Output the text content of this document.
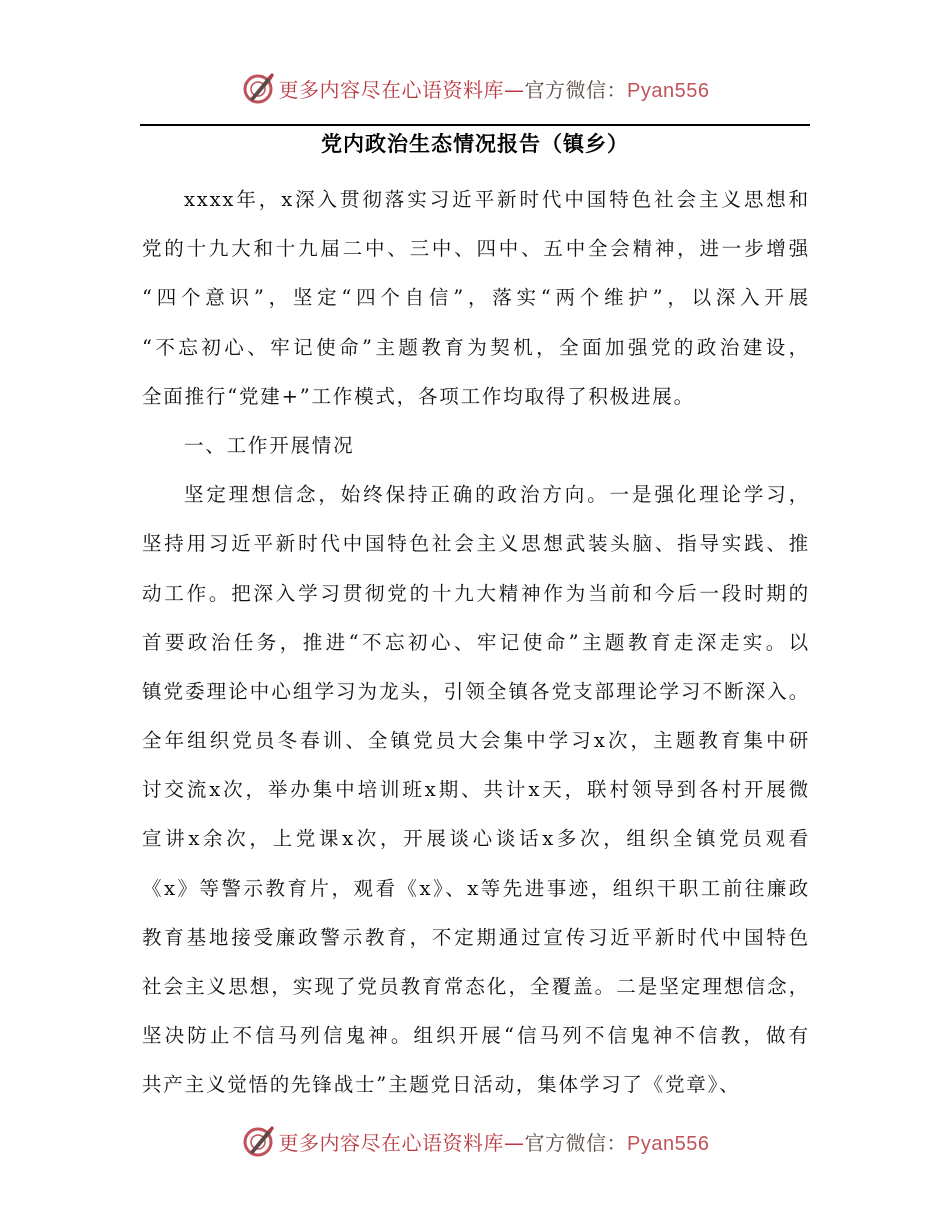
更多内容尽在心语资料库—官方微信：Pyan556
党内政治生态情况报告（镇乡）
xxxx年，x深入贯彻落实习近平新时代中国特色社会主义思想和
党的十九大和十九届二中、三中、四中、五中全会精神，进一步增强
“四个意识”，坚定“四个自信”，落实“两个维护”，以深入开展
“不忘初心、牢记使命”主题教育为契机，全面加强党的政治建设，
全面推行“党建+”工作模式，各项工作均取得了积极进展。
一、工作开展情况
坚定理想信念，始终保持正确的政治方向。一是强化理论学习，
坚持用习近平新时代中国特色社会主义思想武装头脑、指导实践、推
动工作。把深入学习贯彻党的十九大精神作为当前和今后一段时期的
首要政治任务，推进“不忘初心、牢记使命”主题教育走深走实。以
镇党委理论中心组学习为龙头，引领全镇各党支部理论学习不断深入。
全年组织党员冬春训、全镇党员大会集中学习x次，主题教育集中研
讨交流x次，举办集中培训班x期、共计x天，联村领导到各村开展微
宣讲x余次，上党课x次，开展谈心谈话x多次，组织全镇党员观看
《x》等警示教育片，观看《x》、x等先进事迹，组织干职工前往廉政
教育基地接受廉政警示教育，不定期通过宣传习近平新时代中国特色
社会主义思想，实现了党员教育常态化，全覆盖。二是坚定理想信念，
坚决防止不信马列信鬼神。组织开展“信马列不信鬼神不信教，做有
共产主义觉悟的先锋战士”主题党日活动，集体学习了《党章》、
更多内容尽在心语资料库—官方微信：Pyan556
